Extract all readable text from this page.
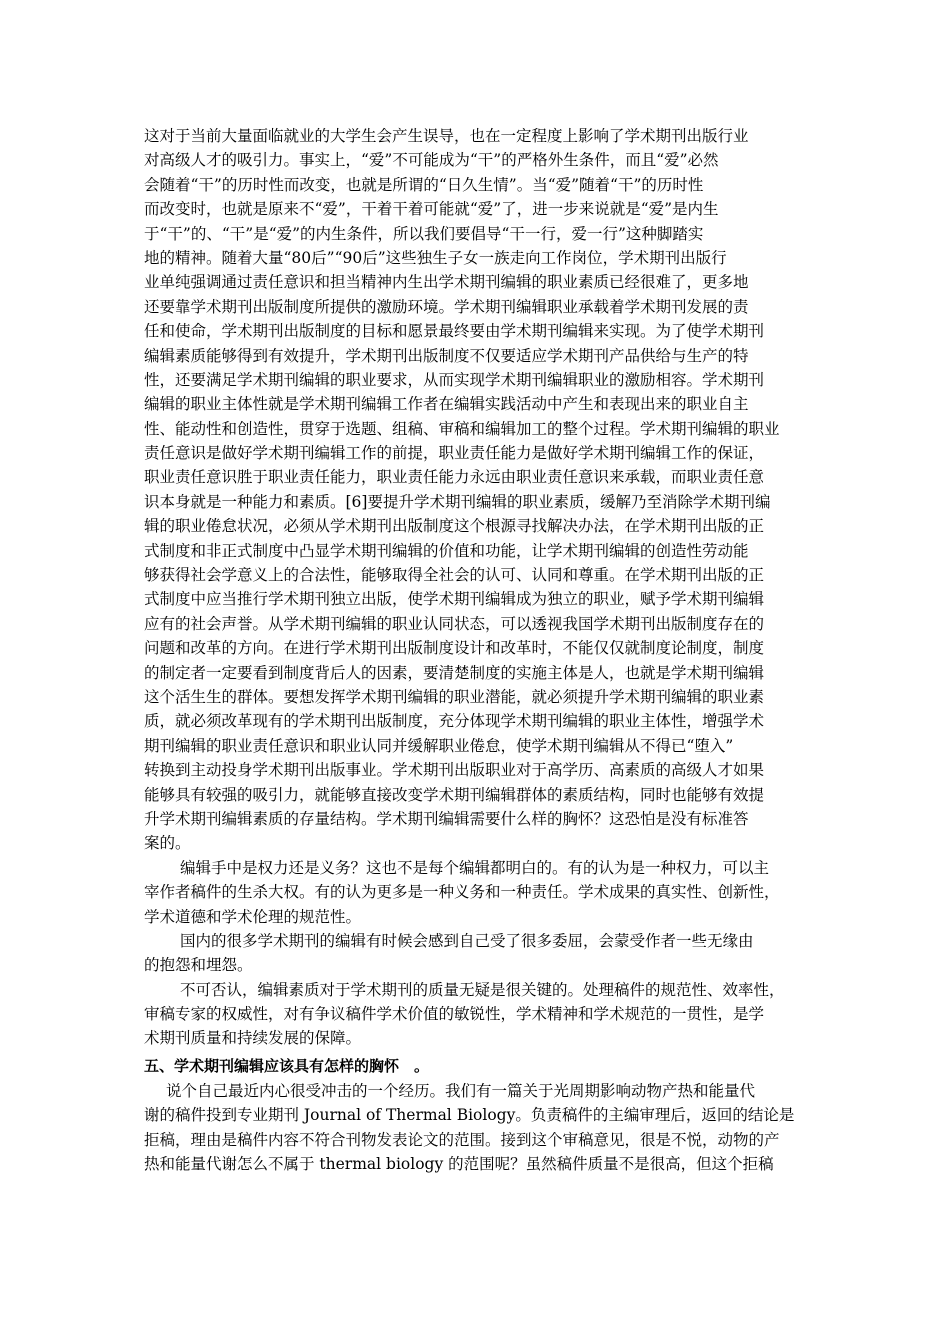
这对于当前大量面临就业的大学生会产生误导，也在一定程度上影响了学术期刊出版行业
对高级人才的吸引力。事实上，“爱”不可能成为“干”的严格外生条件，而且“爱”必然
会随着“干”的历时性而改变，也就是所谓的“日久生情”。当“爱”随着“干”的历时性
而改变时，也就是原来不“爱”，干着干着可能就“爱”了，进一步来说就是“爱”是内生
于“干”的、“干”是“爱”的内生条件，所以我们要倡导“干一行，爱一行”这种脚踏实
地的精神。随着大量“80后”“90后”这些独生子女一族走向工作岗位，学术期刊出版行
业单纯强调通过责任意识和担当精神内生出学术期刊编辑的职业素质已经很难了，更多地
还要靠学术期刊出版制度所提供的激励环境。学术期刊编辑职业承载着学术期刊发展的责
任和使命，学术期刊出版制度的目标和愿景最终要由学术期刊编辑来实现。为了使学术期刊
编辑素质能够得到有效提升，学术期刊出版制度不仅要适应学术期刊产品供给与生产的特
性，还要满足学术期刊编辑的职业要求，从而实现学术期刊编辑职业的激励相容。学术期刊
编辑的职业主体性就是学术期刊编辑工作者在编辑实践活动中产生和表现出来的职业自主
性、能动性和创造性，贯穿于选题、组稿、审稿和编辑加工的整个过程。学术期刊编辑的职业
责任意识是做好学术期刊编辑工作的前提，职业责任能力是做好学术期刊编辑工作的保证，
职业责任意识胜于职业责任能力，职业责任能力永远由职业责任意识来承载，而职业责任意
识本身就是一种能力和素质。[6]要提升学术期刊编辑的职业素质，缓解乃至消除学术期刊编
辑的职业倦怠状况，必须从学术期刊出版制度这个根源寻找解决办法，在学术期刊出版的正
式制度和非正式制度中凸显学术期刊编辑的价值和功能，让学术期刊编辑的创造性劳动能
够获得社会学意义上的合法性，能够取得全社会的认可、认同和尊重。在学术期刊出版的正
式制度中应当推行学术期刊独立出版，使学术期刊编辑成为独立的职业，赋予学术期刊编辑
应有的社会声誉。从学术期刊编辑的职业认同状态，可以透视我国学术期刊出版制度存在的
问题和改革的方向。在进行学术期刊出版制度设计和改革时，不能仅仅就制度论制度，制度
的制定者一定要看到制度背后人的因素，要清楚制度的实施主体是人，也就是学术期刊编辑
这个活生生的群体。要想发挥学术期刊编辑的职业潜能，就必须提升学术期刊编辑的职业素
质，就必须改革现有的学术期刊出版制度，充分体现学术期刊编辑的职业主体性，增强学术
期刊编辑的职业责任意识和职业认同并缓解职业倦怠，使学术期刊编辑从不得已“堕入”
转换到主动投身学术期刊出版事业。学术期刊出版职业对于高学历、高素质的高级人才如果
能够具有较强的吸引力，就能够直接改变学术期刊编辑群体的素质结构，同时也能够有效提
升学术期刊编辑素质的存量结构。学术期刊编辑需要什么样的胸怀？这恐怕是没有标准答
案的。
编辑手中是权力还是义务？这也不是每个编辑都明白的。有的认为是一种权力，可以主
宰作者稿件的生杀大权。有的认为更多是一种义务和一种责任。学术成果的真实性、创新性，
学术道德和学术伦理的规范性。
国内的很多学术期刊的编辑有时候会感到自己受了很多委屈，会蒙受作者一些无缘由
的抱怨和埋怨。
不可否认，编辑素质对于学术期刊的质量无疑是很关键的。处理稿件的规范性、效率性，
审稿专家的权威性，对有争议稿件学术价值的敏锐性，学术精神和学术规范的一贯性，是学
术期刊质量和持续发展的保障。
五、学术期刊编辑应该具有怎样的胸怀　。
说个自己最近内心很受冲击的一个经历。我们有一篇关于光周期影响动物产热和能量代
谢的稿件投到专业期刊 Journal of Thermal Biology。负责稿件的主编审理后，返回的结论是
拒稿，理由是稿件内容不符合刊物发表论文的范围。接到这个审稿意见，很是不悦，动物的产
热和能量代谢怎么不属于 thermal biology 的范围呢？虽然稿件质量不是很高，但这个拒稿
